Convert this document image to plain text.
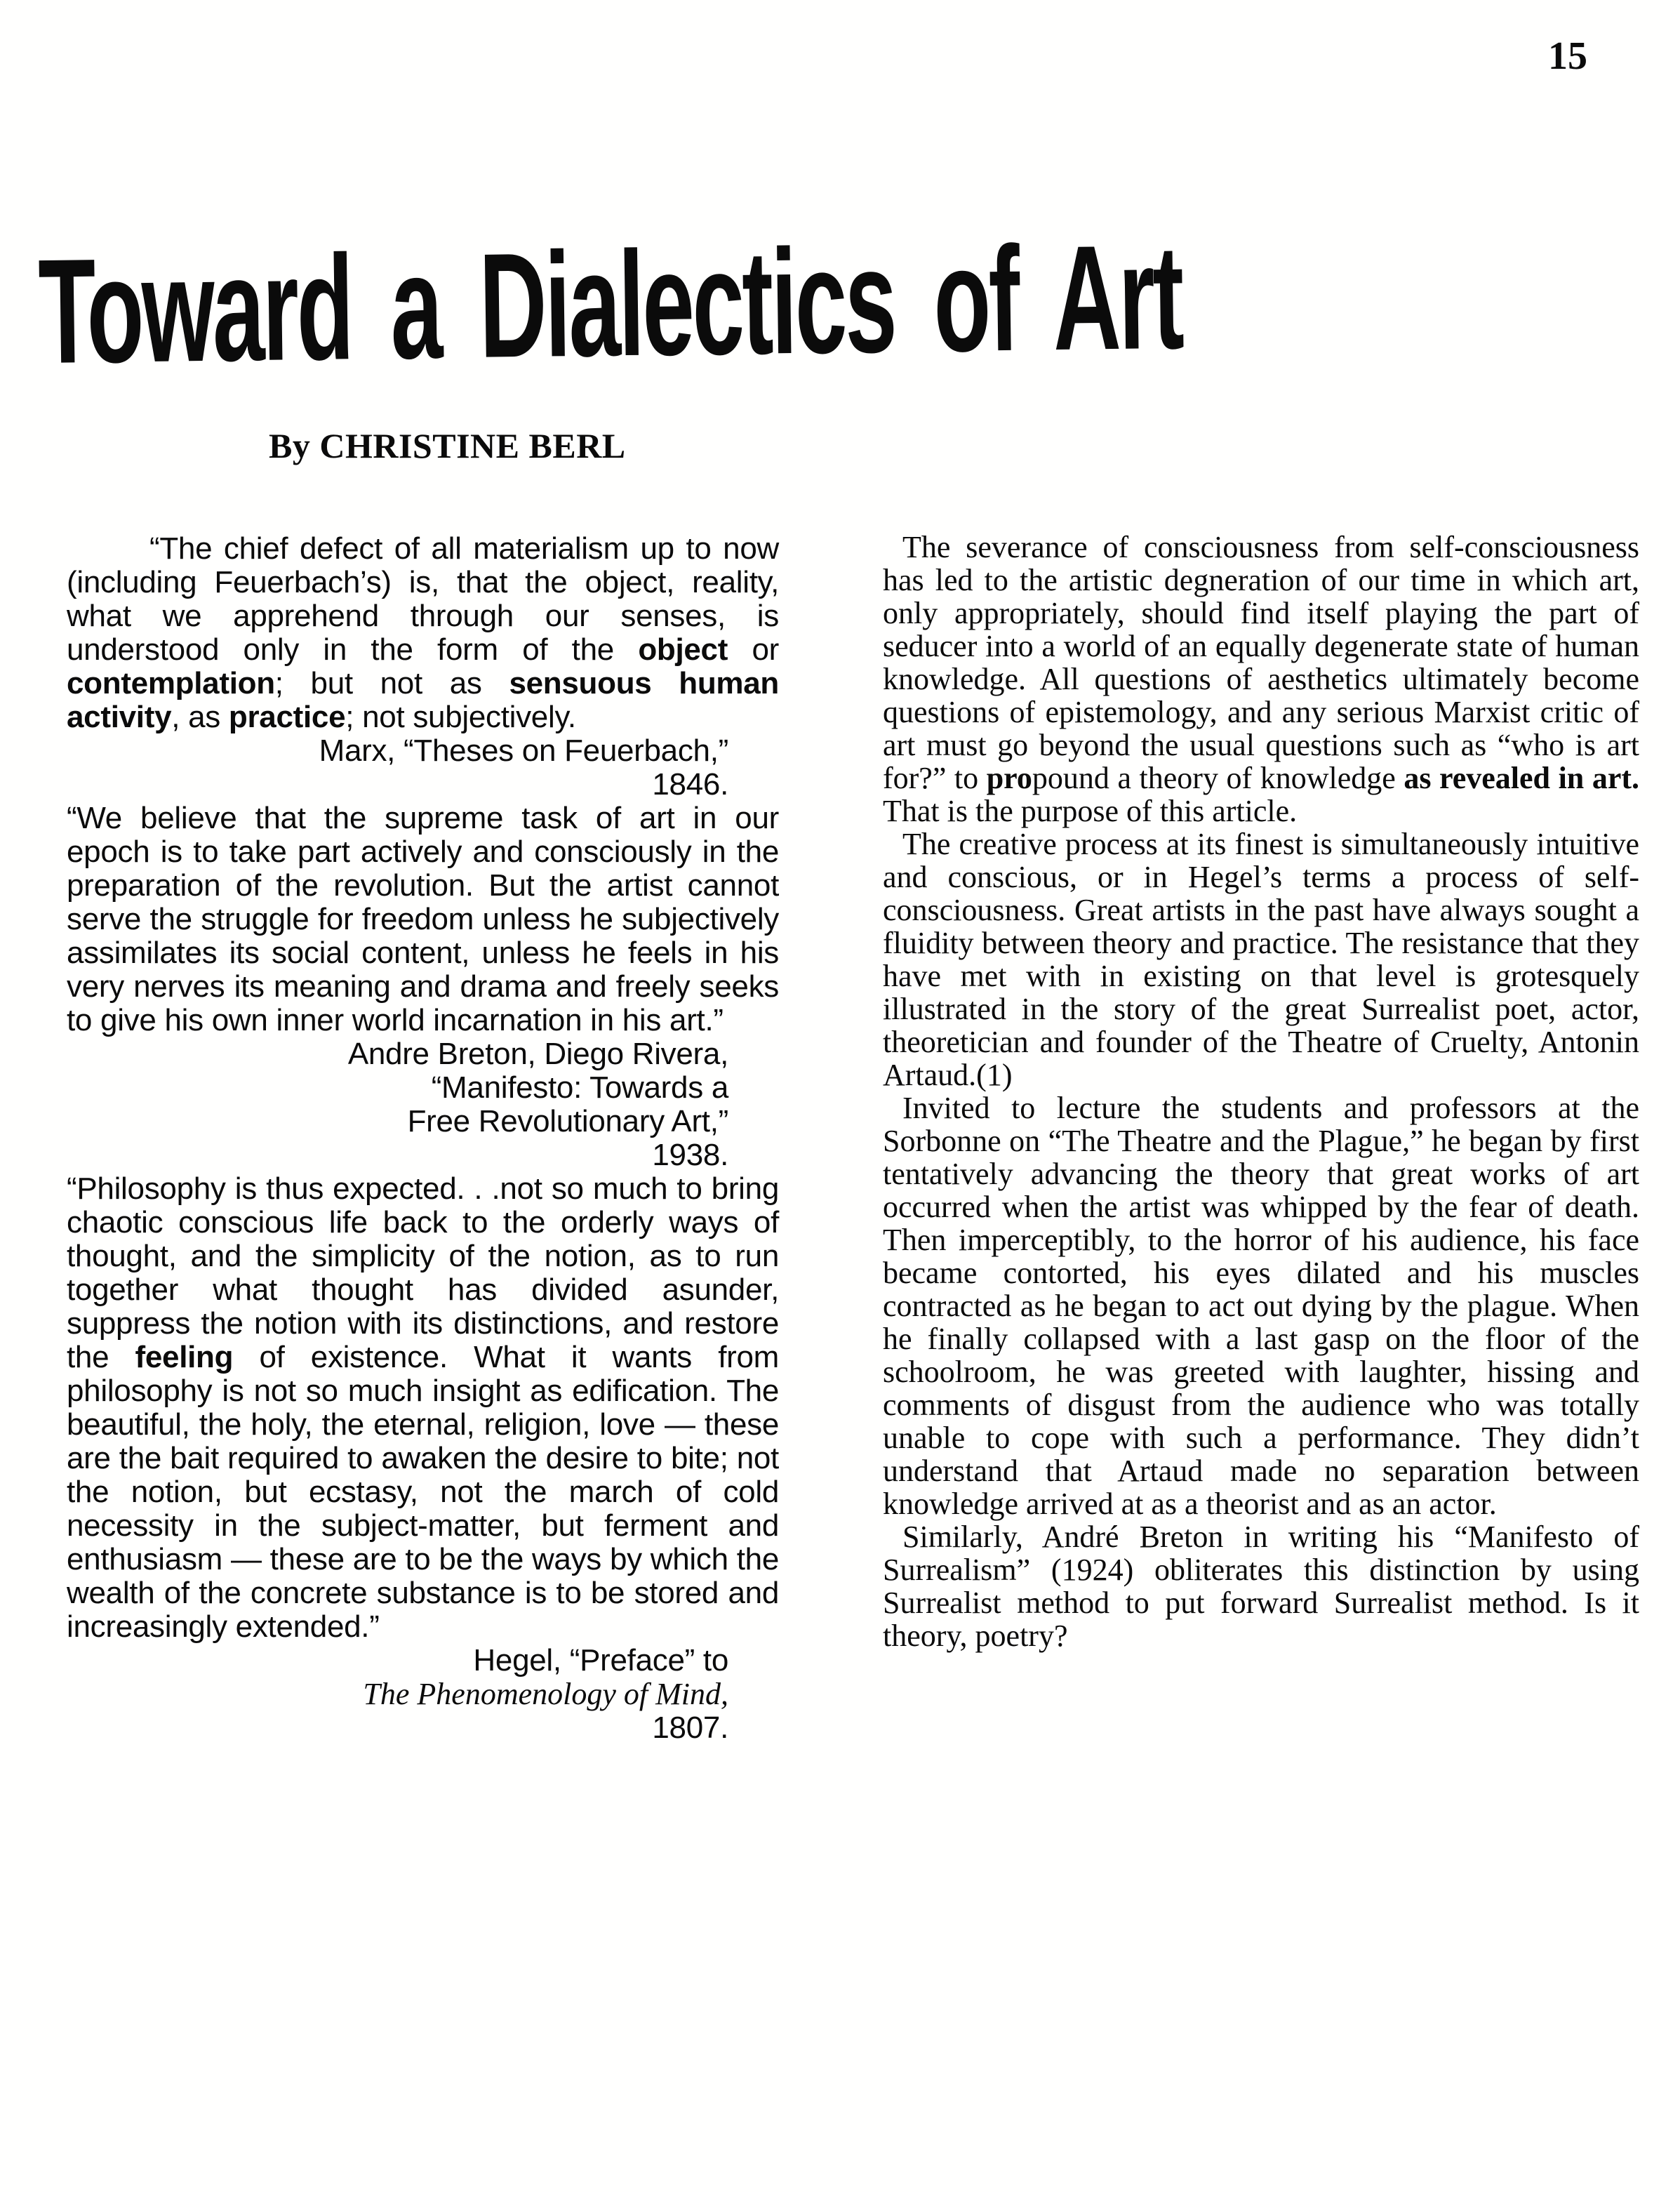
15
Toward a Dialectics of Art
By CHRISTINE BERL

“The chief defect of all materialism up to now (including Feuerbach’s) is, that the object, reality, what we apprehend through our senses, is understood only in the form of the object or contemplation; but not as sensuous human activity, as practice; not subjectively.

Marx, “Theses on Feuerbach,”
1846.

“We believe that the supreme task of art in our epoch is to take part actively and consciously in the preparation of the revolution. But the artist cannot serve the struggle for freedom unless he subjectively assimilates its social content, unless he feels in his very nerves its meaning and drama and freely seeks to give his own inner world incarnation in his art.”

Andre Breton, Diego Rivera,
“Manifesto: Towards a
Free Revolutionary Art,”
1938.

“Philosophy is thus expected. . .not so much to bring chaotic conscious life back to the orderly ways of thought, and the simplicity of the notion, as to run together what thought has divided asunder, suppress the notion with its distinctions, and restore the feeling of existence. What it wants from philosophy is not so much insight as edification. The beautiful, the holy, the eternal, religion, love — these are the bait required to awaken the desire to bite; not the notion, but ecstasy, not the march of cold necessity in the subject-matter, but ferment and enthusiasm — these are to be the ways by which the wealth of the concrete substance is to be stored and increasingly extended.”

Hegel, “Preface” to
The Phenomenology of Mind,
1807.

The severance of consciousness from self-consciousness has led to the artistic degneration of our time in which art, only appropriately, should find itself playing the part of seducer into a world of an equally degenerate state of human knowledge. All questions of aesthetics ultimately become questions of epistemology, and any serious Marxist critic of art must go beyond the usual questions such as “who is art for?” to propound a theory of knowledge as revealed in art. That is the purpose of this article.

The creative process at its finest is simultaneously intuitive and conscious, or in Hegel’s terms a process of self-consciousness. Great artists in the past have always sought a fluidity between theory and practice. The resistance that they have met with in existing on that level is grotesquely illustrated in the story of the great Surrealist poet, actor, theoretician and founder of the Theatre of Cruelty, Antonin Artaud.(1)

Invited to lecture the students and professors at the Sorbonne on “The Theatre and the Plague,” he began by first tentatively advancing the theory that great works of art occurred when the artist was whipped by the fear of death. Then imperceptibly, to the horror of his audience, his face became contorted, his eyes dilated and his muscles contracted as he began to act out dying by the plague. When he finally collapsed with a last gasp on the floor of the schoolroom, he was greeted with laughter, hissing and comments of disgust from the audience who was totally unable to cope with such a performance. They didn’t understand that Artaud made no separation between knowledge arrived at as a theorist and as an actor.

Similarly, André Breton in writing his “Manifesto of Surrealism” (1924) obliterates this distinction by using Surrealist method to put forward Surrealist method. Is it theory, poetry?
